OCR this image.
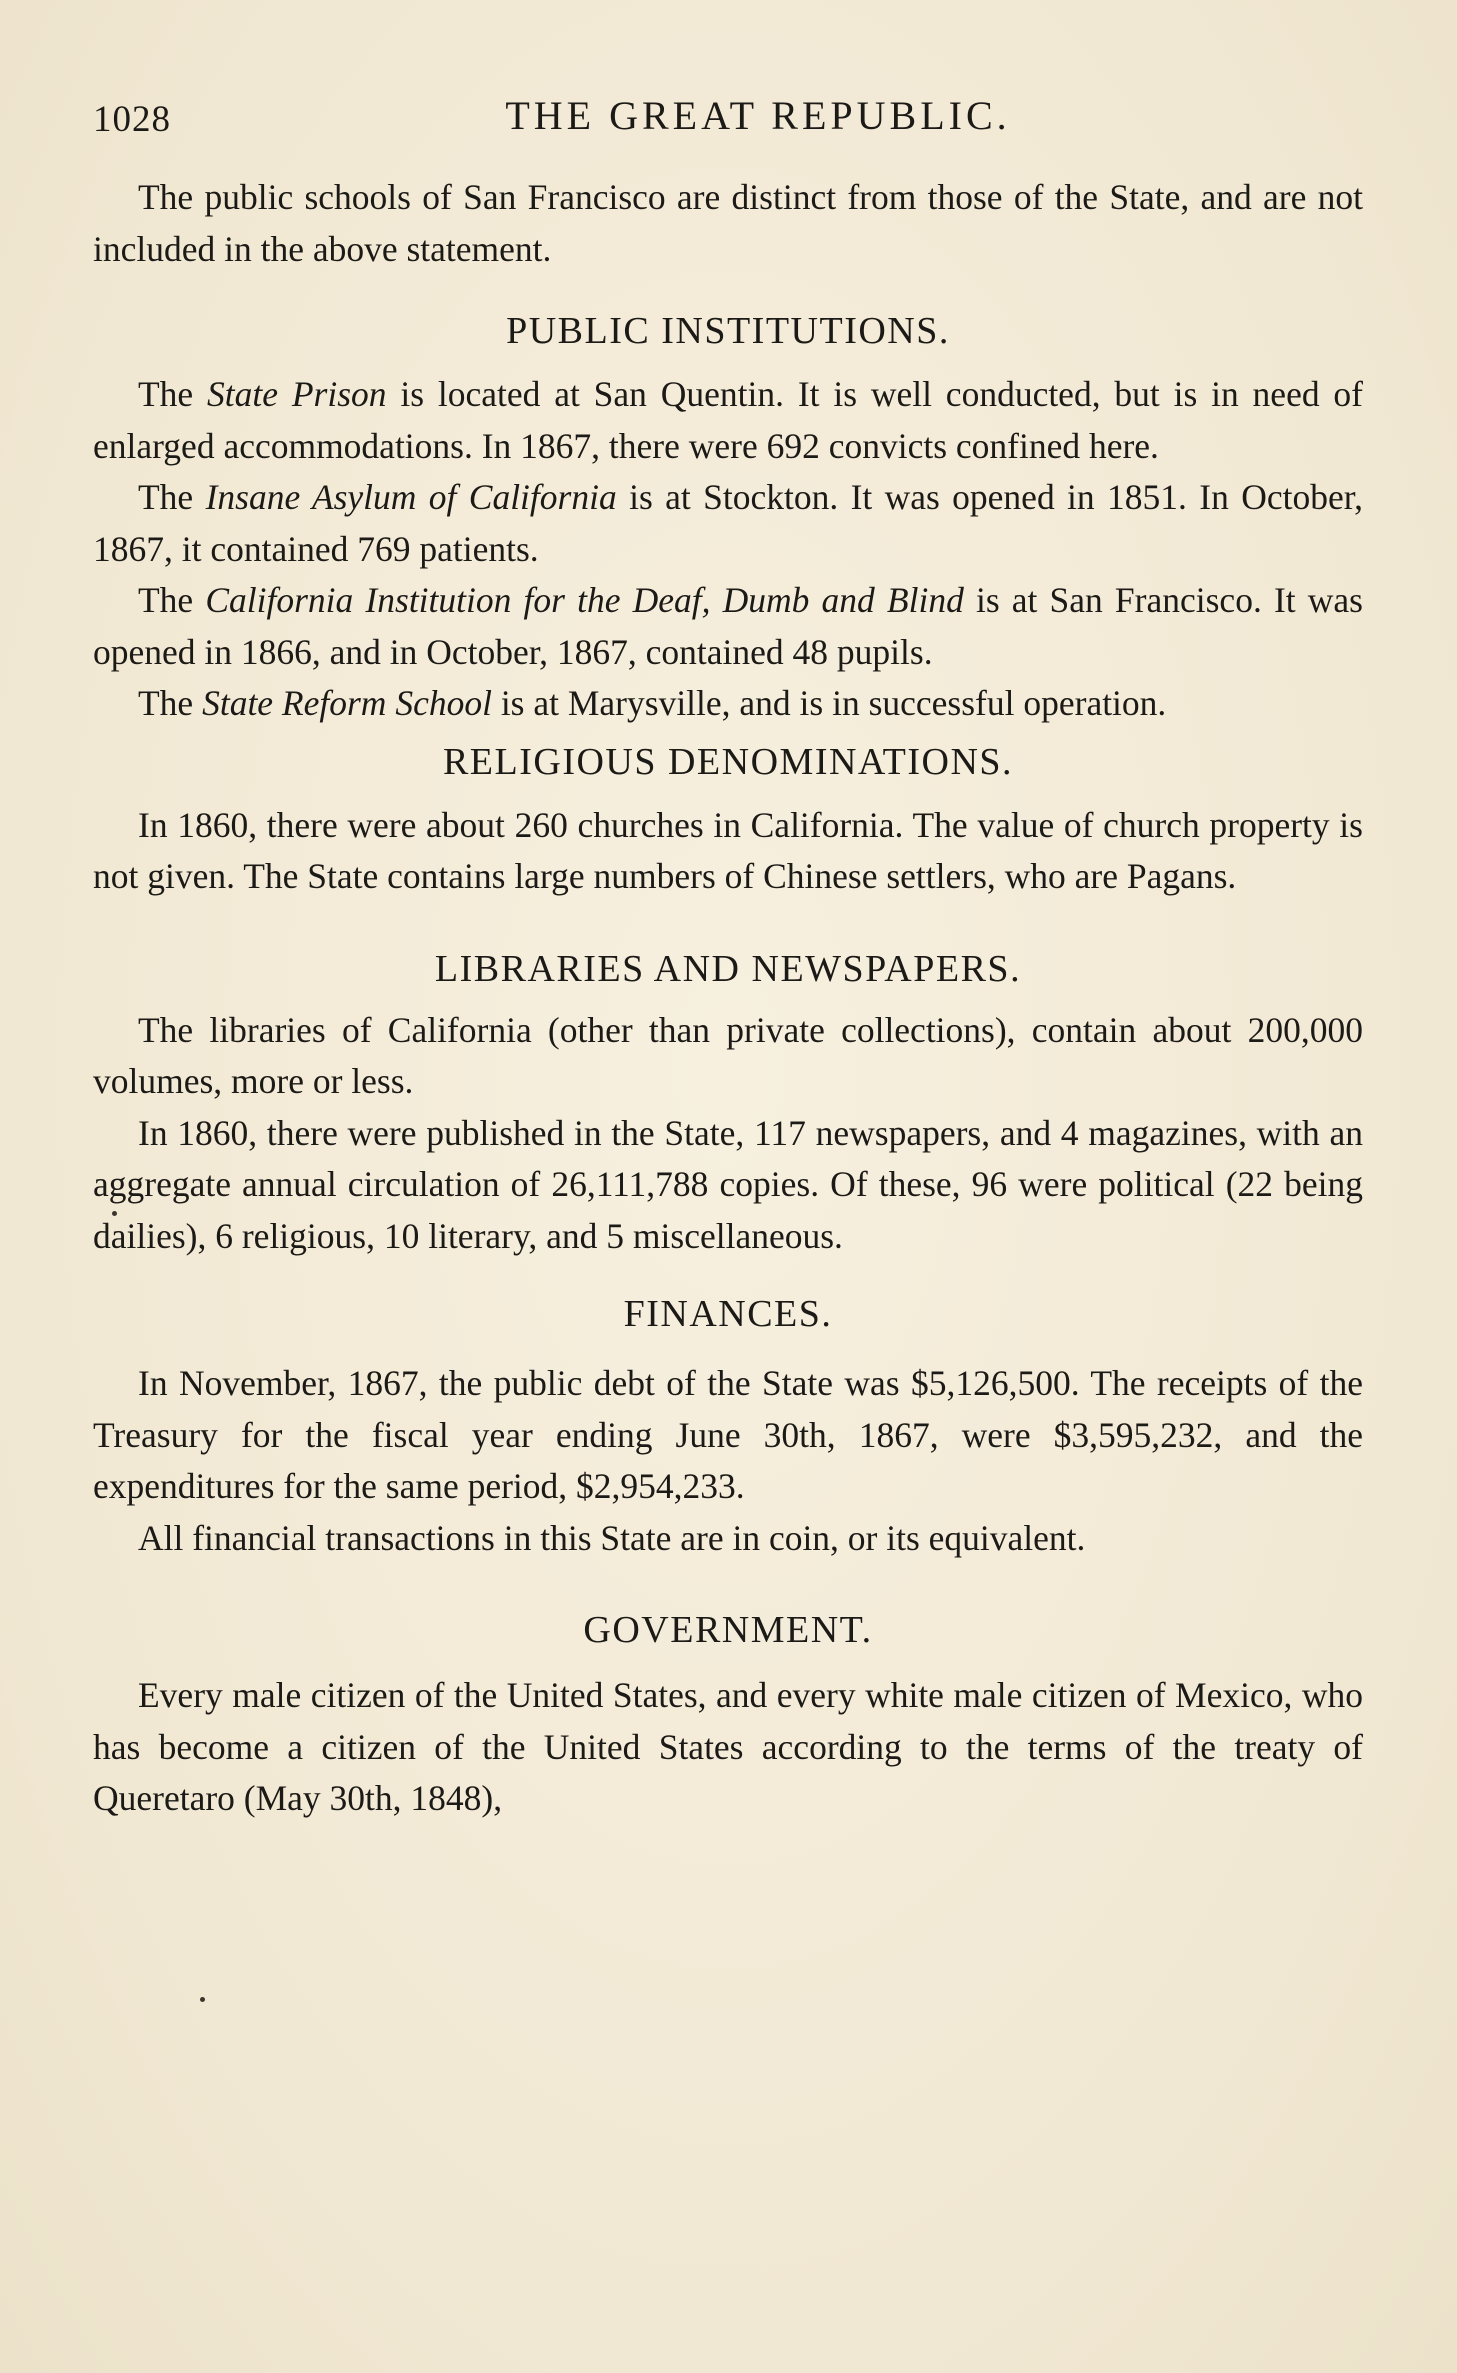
1028	THE GREAT REPUBLIC.

The public schools of San Francisco are distinct from those of the State, and are not included in the above statement.

PUBLIC INSTITUTIONS.

The State Prison is located at San Quentin. It is well conducted, but is in need of enlarged accommodations. In 1867, there were 692 convicts confined here.

The Insane Asylum of California is at Stockton. It was opened in 1851. In October, 1867, it contained 769 patients.

The California Institution for the Deaf, Dumb and Blind is at San Francisco. It was opened in 1866, and in October, 1867, contained 48 pupils.

The State Reform School is at Marysville, and is in successful operation.

RELIGIOUS DENOMINATIONS.

In 1860, there were about 260 churches in California. The value of church property is not given. The State contains large numbers of Chinese settlers, who are Pagans.

LIBRARIES AND NEWSPAPERS.

The libraries of California (other than private collections), contain about 200,000 volumes, more or less.

In 1860, there were published in the State, 117 newspapers, and 4 magazines, with an aggregate annual circulation of 26,111,788 copies. Of these, 96 were political (22 being dailies), 6 religious, 10 literary, and 5 miscellaneous.

FINANCES.

In November, 1867, the public debt of the State was $5,126,500. The receipts of the Treasury for the fiscal year ending June 30th, 1867, were $3,595,232, and the expenditures for the same period, $2,954,233.

All financial transactions in this State are in coin, or its equivalent.

GOVERNMENT.

Every male citizen of the United States, and every white male citizen of Mexico, who has become a citizen of the United States according to the terms of the treaty of Queretaro (May 30th, 1848),
